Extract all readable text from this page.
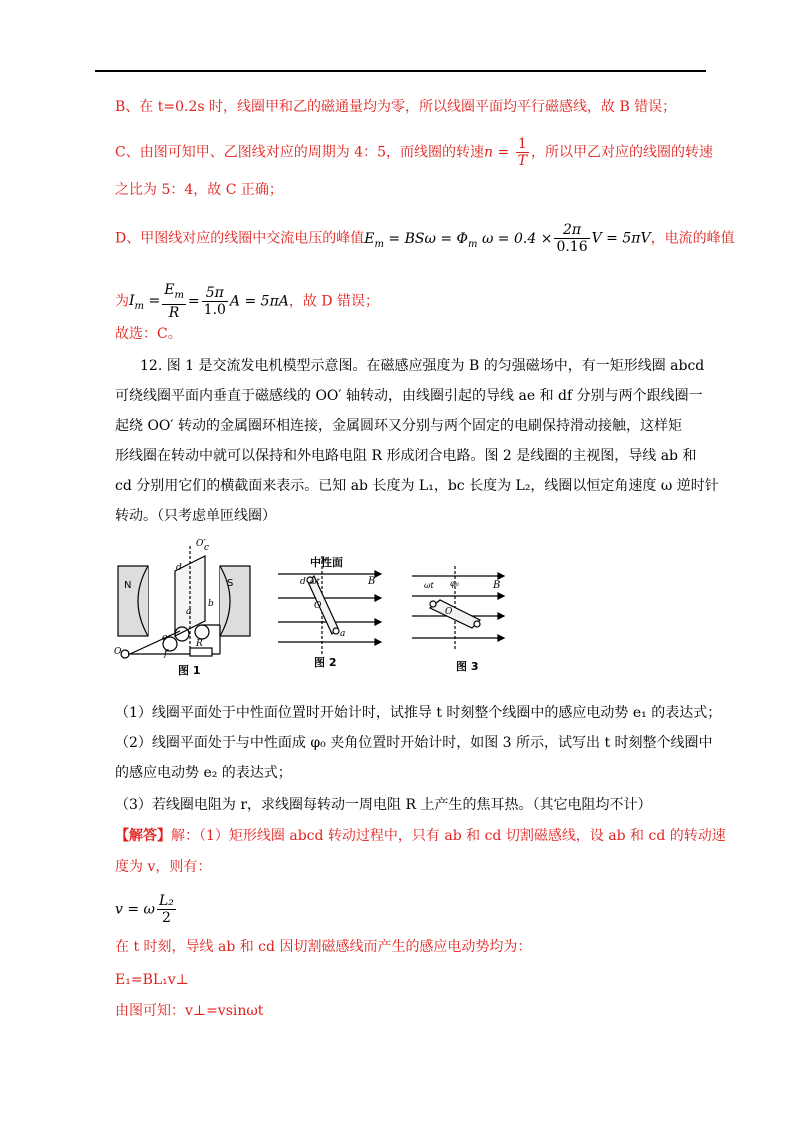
B、在 t=0.2s 时，线圈甲和乙的磁通量均为零，所以线圈平面均平行磁感线，故 B 错误；
C、由图可知甲、乙图线对应的周期为 4：5，而线圈的转速$n = \frac{1}{T}$ ，所以甲乙对应的线圈的转速
之比为 5：4，故 C 正确；
D、甲图线对应的线圈中交流电压的峰值$E_m = BS\omega = \Phi_m$ $\omega = 0.4 \times \frac{2\pi}{0.16}$ V = 5πV，电流的峰值
为$I_m = \frac{E_m}{R} = \frac{5\pi}{1.0}$ A = 5πA，故 D 错误；
故选：C。
12. 图 1 是交流发电机模型示意图。在磁感应强度为 B 的匀强磁场中，有一矩形线圈 abcd
可绕线圈平面内垂直于磁感线的 OO′ 轴转动，由线圈引起的导线 ae 和 df 分别与两个跟线圈一
起绕 OO′ 转动的金属圈环相连接，金属圆环又分别与两个固定的电刷保持滑动接触，这样矩
形线圈在转动中就可以保持和外电路电阻 R 形成闭合电路。图 2 是线圈的主视图，导线 ab 和
cd 分别用它们的横截面来表示。已知 ab 长度为 L₁，bc 长度为 L₂，线圈以恒定角速度 ω 逆时针
转动。（只考虑单匝线圈）
N	S
d
c
b
a
e
f
R
O
O′
图 1
中性面
B
d ωt
O
a
图 2
B
ωt φ₀
O
图 3
（1）线圈平面处于中性面位置时开始计时，试推导 t 时刻整个线圈中的感应电动势 e₁ 的表达式；
（2）线圈平面处于与中性面成 φ₀ 夹角位置时开始计时，如图 3 所示，试写出 t 时刻整个线圈中
的感应电动势 e₂ 的表达式；
（3）若线圈电阻为 r，求线圈每转动一周电阻 R 上产生的焦耳热。（其它电阻均不计）
【解答】解：（1）矩形线圈 abcd 转动过程中，只有 ab 和 cd 切割磁感线，设 ab 和 cd 的转动速
度为 v，则有：
v = ω $\frac{\text{L₂}}{2}$
在 t 时刻，导线 ab 和 cd 因切割磁感线而产生的感应电动势均为：
E₁=BL₁v⊥
由图可知：v⊥=vsinωt
